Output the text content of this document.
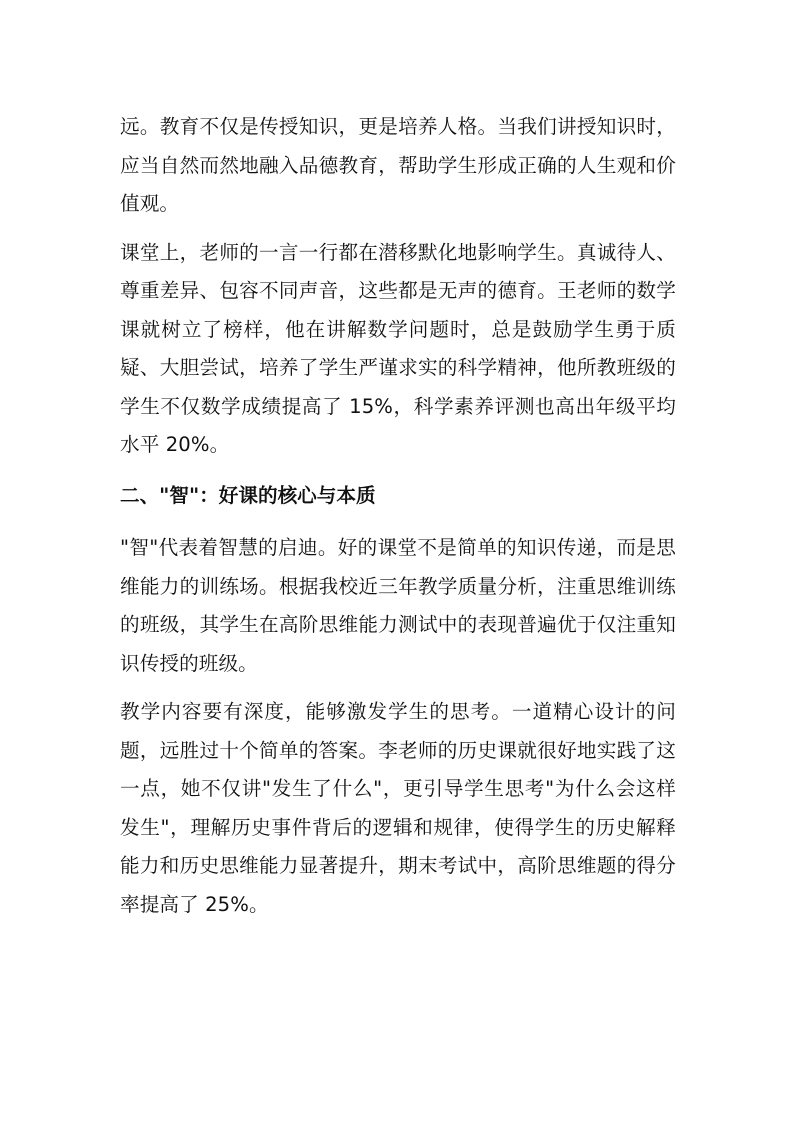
远。教育不仅是传授知识，更是培养人格。当我们讲授知识时，应当自然而然地融入品德教育，帮助学生形成正确的人生观和价值观。

课堂上，老师的一言一行都在潜移默化地影响学生。真诚待人、尊重差异、包容不同声音，这些都是无声的德育。王老师的数学课就树立了榜样，他在讲解数学问题时，总是鼓励学生勇于质疑、大胆尝试，培养了学生严谨求实的科学精神，他所教班级的学生不仅数学成绩提高了 15%，科学素养评测也高出年级平均水平 20%。

二、"智"：好课的核心与本质

"智"代表着智慧的启迪。好的课堂不是简单的知识传递，而是思维能力的训练场。根据我校近三年教学质量分析，注重思维训练的班级，其学生在高阶思维能力测试中的表现普遍优于仅注重知识传授的班级。

教学内容要有深度，能够激发学生的思考。一道精心设计的问题，远胜过十个简单的答案。李老师的历史课就很好地实践了这一点，她不仅讲"发生了什么"，更引导学生思考"为什么会这样发生"，理解历史事件背后的逻辑和规律，使得学生的历史解释能力和历史思维能力显著提升，期末考试中，高阶思维题的得分率提高了 25%。
